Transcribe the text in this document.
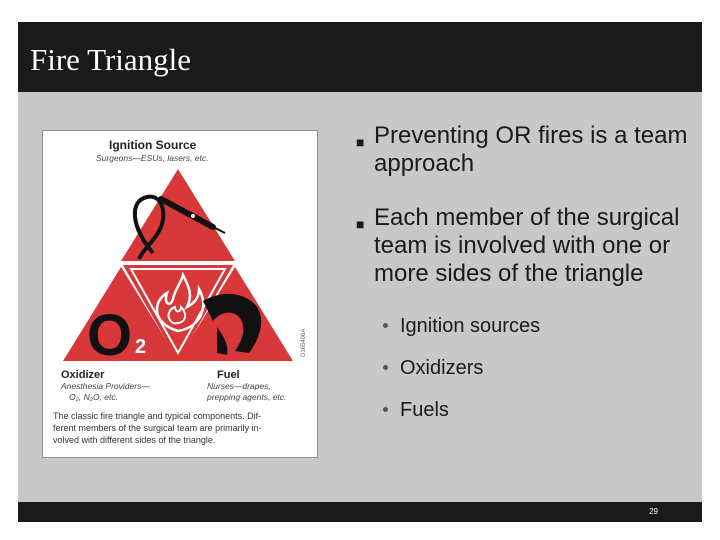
Fire Triangle
Ignition Source
Surgeons—ESUs, lasers, etc.
O 2
Oxidizer
Anesthesia Providers—
O₂, N₂O, etc.
Fuel
Nurses—drapes,
prepping agents, etc.
D165406A
The classic fire triangle and typical components. Dif-
ferent members of the surgical team are primarily in-
volved with different sides of the triangle.
■ Preventing OR fires is a team approach
■ Each member of the surgical team is involved with one or more sides of the triangle
Ignition sources
Oxidizers
Fuels
29
